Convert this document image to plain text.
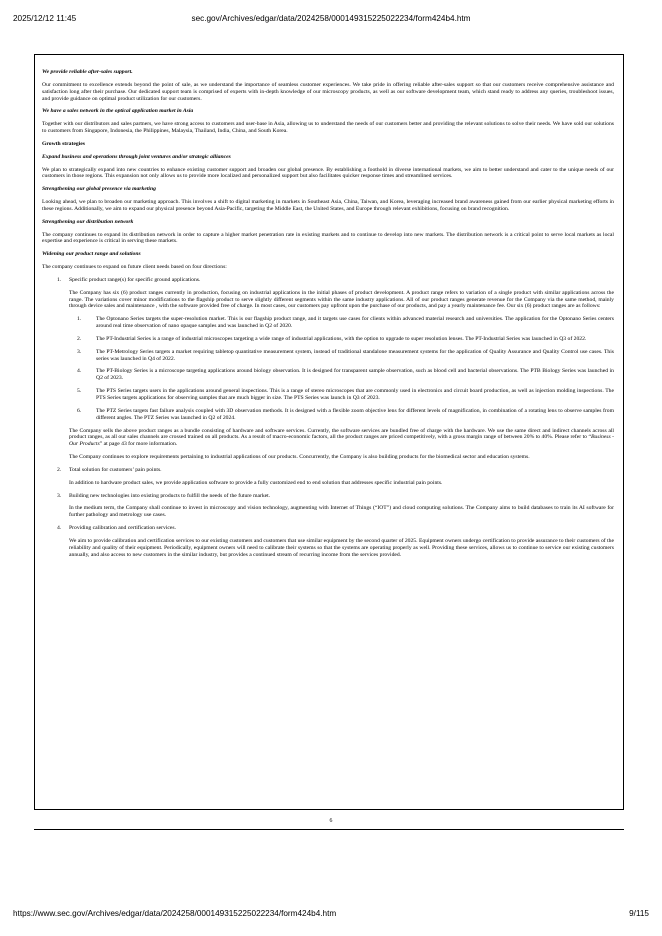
2025/12/12 11:45	sec.gov/Archives/edgar/data/2024258/000149315225022234/form424b4.htm

We provide reliable after-sales support.

Our commitment to excellence extends beyond the point of sale, as we understand the importance of seamless customer experiences. We take pride in offering reliable after-sales support so that our customers receive comprehensive assistance and satisfaction long after their purchase. Our dedicated support team is comprised of experts with in-depth knowledge of our microscopy products, as well as our software development team, which stand ready to address any queries, troubleshoot issues, and provide guidance on optimal product utilization for our customers.

We have a sales network in the optical application market in Asia

Together with our distributors and sales partners, we have strong access to customers and user-base in Asia, allowing us to understand the needs of our customers better and providing the relevant solutions to solve their needs. We have sold our solutions to customers from Singapore, Indonesia, the Philippines, Malaysia, Thailand, India, China, and South Korea.

Growth strategies

Expand business and operations through joint ventures and/or strategic alliances

We plan to strategically expand into new countries to enhance existing customer support and broaden our global presence. By establishing a foothold in diverse international markets, we aim to better understand and cater to the unique needs of our customers in those regions. This expansion not only allows us to provide more localized and personalized support but also facilitates quicker response times and streamlined services.

Strengthening our global presence via marketing

Looking ahead, we plan to broaden our marketing approach. This involves a shift to digital marketing in markets in Southeast Asia, China, Taiwan, and Korea, leveraging increased brand awareness gained from our earlier physical marketing efforts in these regions. Additionally, we aim to expand our physical presence beyond Asia-Pacific, targeting the Middle East, the United States, and Europe through relevant exhibitions, focusing on brand recognition.

Strengthening our distribution network

The company continues to expand its distribution network in order to capture a higher market penetration rate in existing markets and to continue to develop into new markets. The distribution network is a critical point to serve local markets as local expertise and experience is critical in serving these markets.

Widening our product range and solutions

The company continues to expand on future client needs based on four directions:

1. Specific product range(s) for specific ground applications.

The Company has six (6) product ranges currently in production, focusing on industrial applications in the initial phases of product development. A product range refers to variation of a single product with similar applications across the range. The variations cover minor modifications to the flagship product to serve slightly different segments within the same industry applications. All of our product ranges generate revenue for the Company via the same method, mainly through device sales and maintenance , with the software provided free of charge. In most cases, our customers pay upfront upon the purchase of our products, and pay a yearly maintenance fee. Our six (6) product ranges are as follows:

1.	The Optonano Series targets the super-resolution market. This is our flagship product range, and it targets use cases for clients within advanced material research and universities. The application for the Optonano Series centers around real time observation of nano opaque samples and was launched in Q2 of 2020.

2.	The PT-Industrial Series is a range of industrial microscopes targeting a wide range of industrial applications, with the option to upgrade to super resolution lenses. The PT-Industrial Series was launched in Q3 of 2022.

3.	The PT-Metrology Series targets a market requiring tabletop quantitative measurement system, instead of traditional standalone measurement systems for the application of Quality Assurance and Quality Control use cases. This series was launched in Q4 of 2022.

4.	The PT-Biology Series is a microscope targeting applications around biology observation. It is designed for transparent sample observation, such as blood cell and bacterial observations. The PTB Biology Series was launched in Q2 of 2023.

5.	The PTS Series targets users in the applications around general inspections. This is a range of stereo microscopes that are commonly used in electronics and circuit board production, as well as injection molding inspections. The PTS Series targets applications for observing samples that are much bigger in size. The PTS Series was launch in Q3 of 2023.

6.	The PTZ Series targets fast failure analysis coupled with 3D observation methods. It is designed with a flexible zoom objective lens for different levels of magnification, in combination of a rotating lens to observe samples from different angles. The PTZ Series was launched in Q2 of 2024.

The Company sells the above product ranges as a bundle consisting of hardware and software services. Currently, the software services are bundled free of charge with the hardware. We use the same direct and indirect channels across all product ranges, as all our sales channels are crossed trained on all products. As a result of macro-economic factors, all the product ranges are priced competitively, with a gross margin range of between 20% to 40%. Please refer to “Business - Our Products” at page 43 for more information.

The Company continues to explore requirements pertaining to industrial applications of our products. Concurrently, the Company is also building products for the biomedical sector and education systems.

2. Total solution for customers’ pain points.

In addition to hardware product sales, we provide application software to provide a fully customized end to end solution that addresses specific industrial pain points.

3. Building new technologies into existing products to fulfill the needs of the future market.

In the medium term, the Company shall continue to invest in microscopy and vision technology, augmenting with Internet of Things (“IOT”) and cloud computing solutions. The Company aims to build databases to train its AI software for further pathology and metrology use cases.

4. Providing calibration and certification services.

We aim to provide calibration and certification services to our existing customers and customers that use similar equipment by the second quarter of 2025. Equipment owners undergo certification to provide assurance to their customers of the reliability and quality of their equipment. Periodically, equipment owners will need to calibrate their systems so that the systems are operating properly as well. Providing these services, allows us to continue to service our existing customers annually, and also access to new customers in the similar industry, but provides a continued stream of recurring income from the services provided.

6
https://www.sec.gov/Archives/edgar/data/2024258/000149315225022234/form424b4.htm	9/115
